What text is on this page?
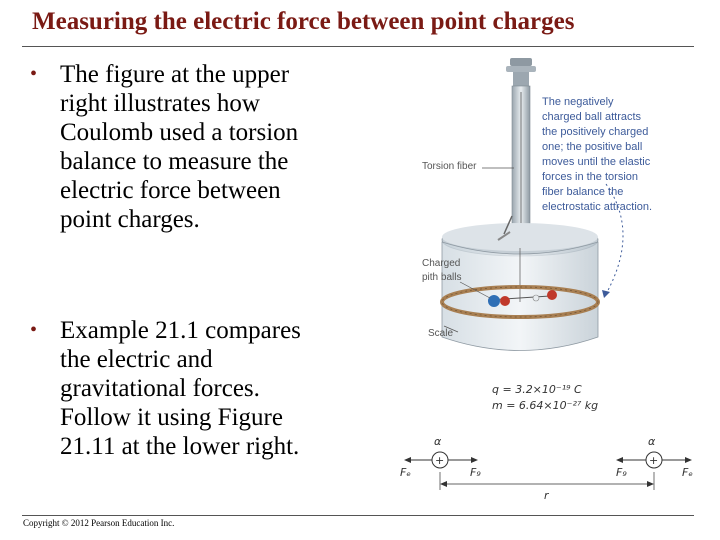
Measuring the electric force between point charges
• The figure at the upper
right illustrates how
Coulomb used a torsion
balance to measure the
electric force between
point charges.
• Example 21.1 compares
the electric and
gravitational forces.
Follow it using Figure
21.11 at the lower right.
Torsion fiber
Charged
pith balls
Scale
The negatively
charged ball attracts
the positively charged
one; the positive ball
moves until the elastic
forces in the torsion
fiber balance the
electrostatic attraction.
q = 3.2×10⁻¹⁹ C
m = 6.64×10⁻²⁷ kg
α
+
Fₑ	F₉
α
+
F₉	Fₑ
r
Copyright © 2012 Pearson Education Inc.
